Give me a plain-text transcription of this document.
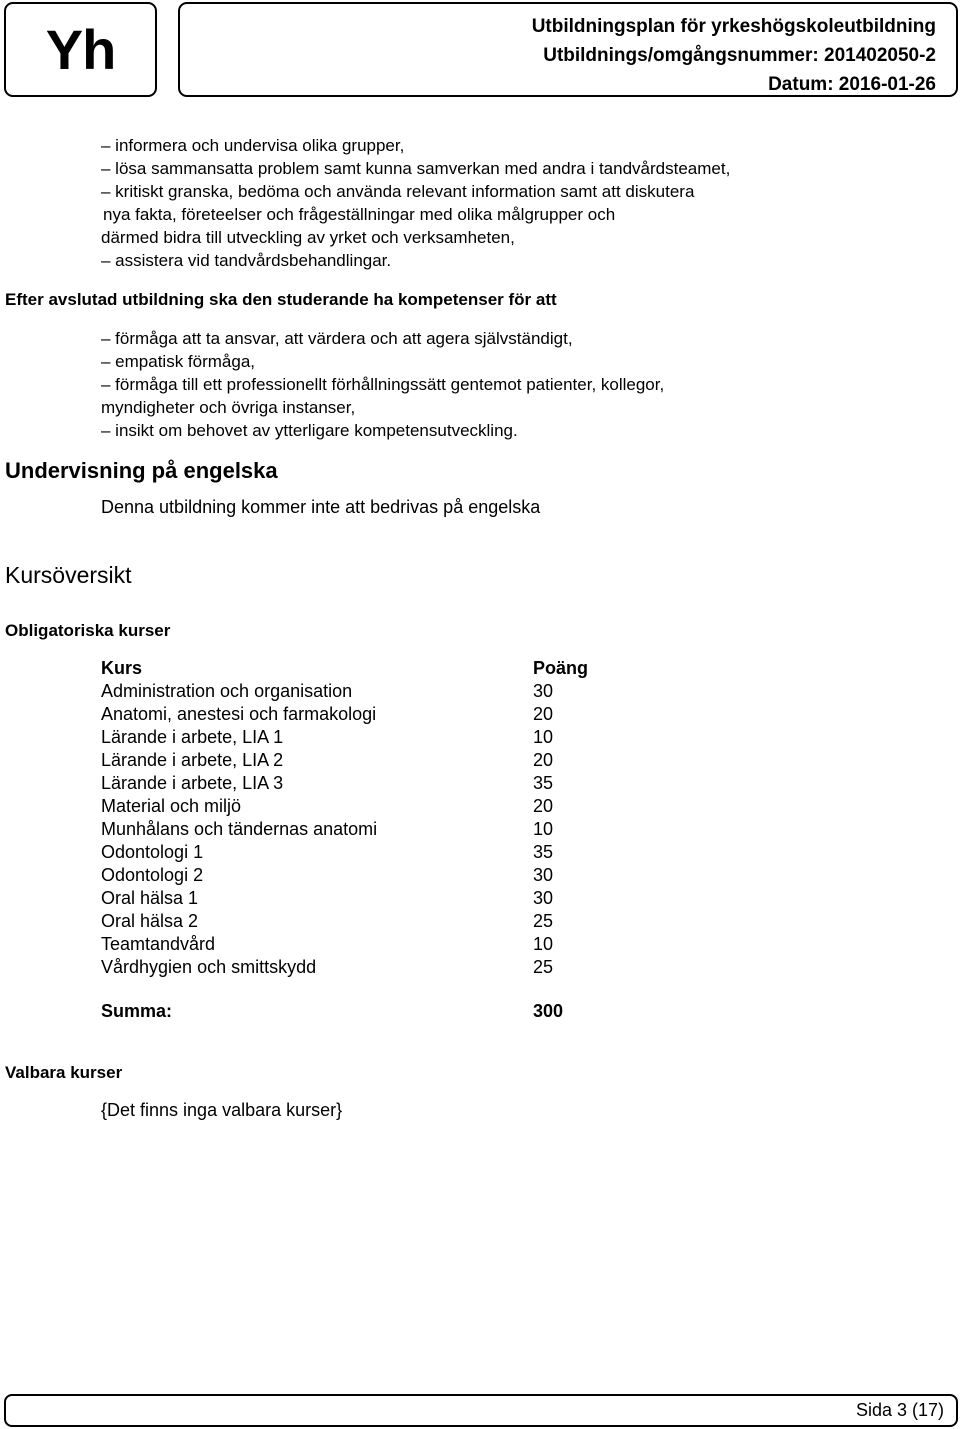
Yh	Utbildningsplan för yrkeshögskoleutbildning
Utbildnings/omgångsnummer: 201402050-2
Datum: 2016-01-26
– informera och undervisa olika grupper,
– lösa sammansatta problem samt kunna samverkan med andra i tandvårdsteamet,
– kritiskt granska, bedöma och använda relevant information samt att diskutera
nya fakta, företeelser och frågeställningar med olika målgrupper och
därmed bidra till utveckling av yrket och verksamheten,
– assistera vid tandvårdsbehandlingar.
Efter avslutad utbildning ska den studerande ha kompetenser för att
– förmåga att ta ansvar, att värdera och att agera självständigt,
– empatisk förmåga,
– förmåga till ett professionellt förhållningssätt gentemot patienter, kollegor,
myndigheter och övriga instanser,
– insikt om behovet av ytterligare kompetensutveckling.
Undervisning på engelska
Denna utbildning kommer inte att bedrivas på engelska
Kursöversikt
Obligatoriska kurser
Kurs	Poäng
Administration och organisation	30
Anatomi, anestesi och farmakologi	20
Lärande i arbete, LIA 1	10
Lärande i arbete, LIA 2	20
Lärande i arbete, LIA 3	35
Material och miljö	20
Munhålans och tändernas anatomi	10
Odontologi 1	35
Odontologi 2	30
Oral hälsa 1	30
Oral hälsa 2	25
Teamtandvård	10
Vårdhygien och smittskydd	25
Summa:	300
Valbara kurser
{Det finns inga valbara kurser}
Sida 3 (17)
